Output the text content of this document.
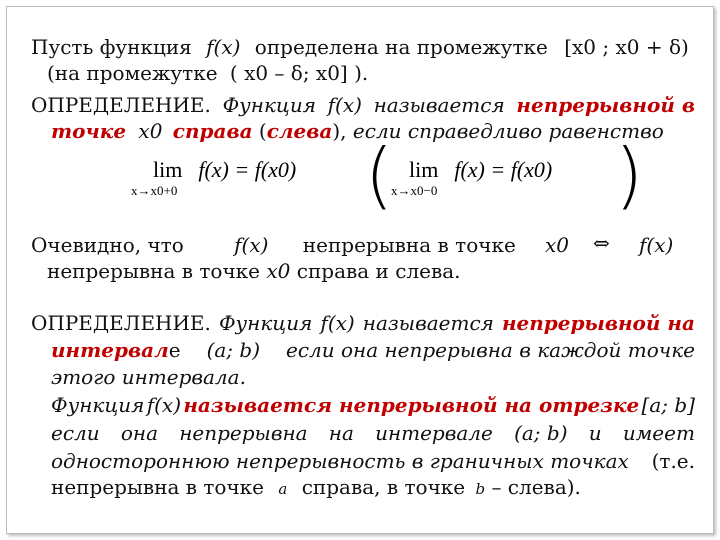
Пусть функция f(x) определена на промежутке [x0 ; x0 + δ)
(на промежутке ( x0 – δ; x0] ).
ОПРЕДЕЛЕНИЕ. Функция f(x) называется непрерывной в
точке x0 справа (слева), если справедливо равенство
lim
x→x0+0
f(x) = f(x0) ( lim
x→x0−0
f(x) = f(x0) )
Очевидно, что	f(x) непрерывна в точке x0 ⇔ f(x)
непрерывна в точке x0 справа и слева.
ОПРЕДЕЛЕНИЕ. Функция f(x) называется непрерывной на
интервале (a; b) если она непрерывна в каждой точке
этого интервала.
Функция f(x) называется непрерывной на отрезке [a; b]
если она непрерывна на интервале (a; b) и имеет
одностороннюю непрерывность в граничных точках (т.е.
непрерывна в точке a справа, в точке b – слева).
